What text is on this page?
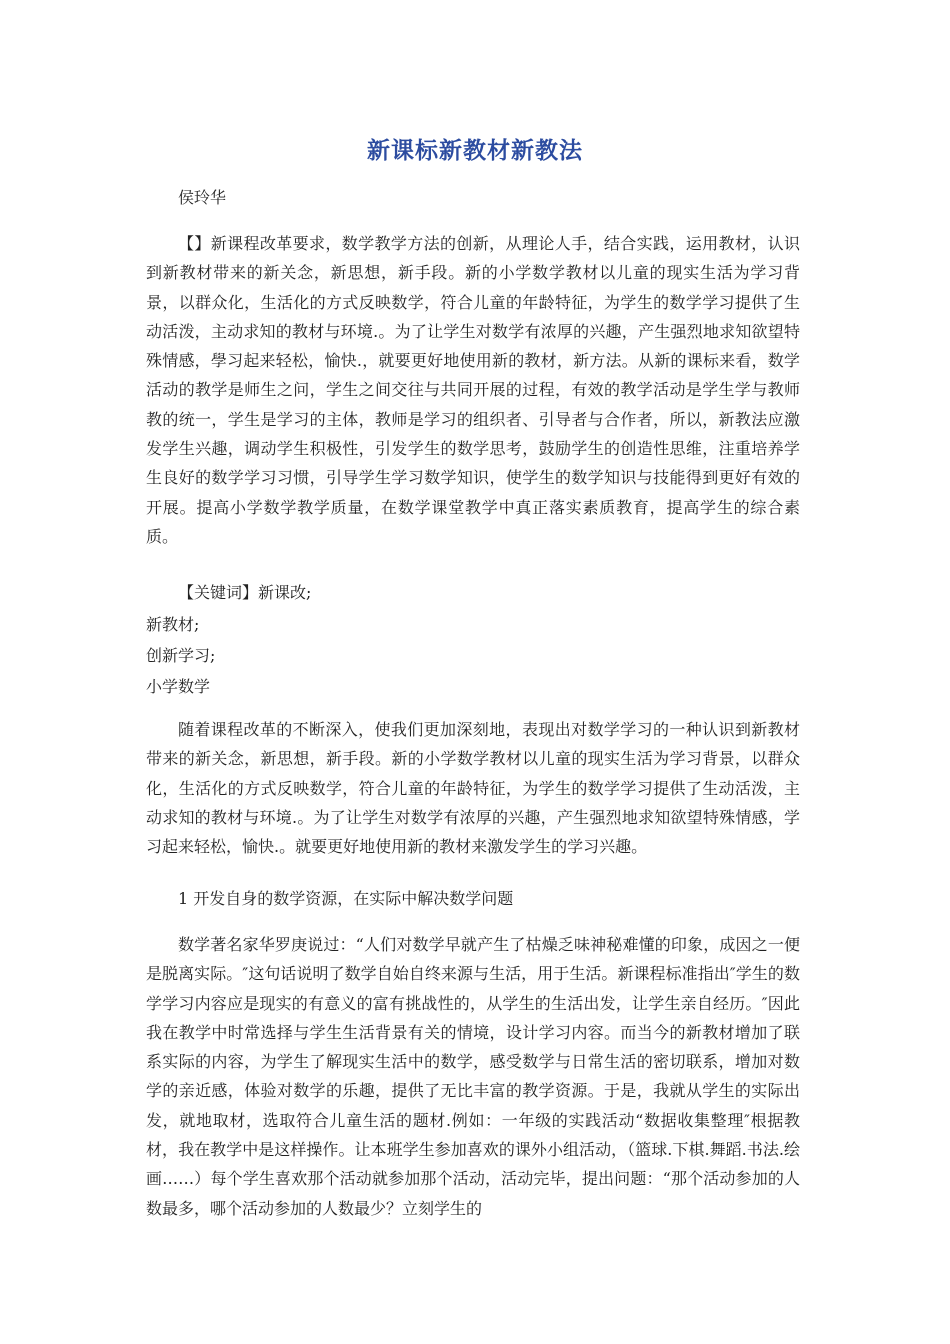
新课标新教材新教法
侯玲华
【】新课程改革要求，数学教学方法的创新，从理论人手，结合实践，运用教材，认识到新教材带来的新关念，新思想，新手段。新的小学数学教材以儿童的现实生活为学习背景，以群众化，生活化的方式反映数学，符合儿童的年龄特征，为学生的数学学习提供了生动活泼，主动求知的教材与环境.。为了让学生对数学有浓厚的兴趣，产生强烈地求知欲望特殊情感，學习起来轻松，愉快.，就要更好地使用新的教材，新方法。从新的课标来看，数学活动的教学是师生之问，学生之间交往与共同开展的过程，有效的教学活动是学生学与教师教的统一，学生是学习的主体，教师是学习的组织者、引导者与合作者，所以，新教法应激发学生兴趣，调动学生积极性，引发学生的数学思考，鼓励学生的创造性思维，注重培养学生良好的数学学习习惯，引导学生学习数学知识，使学生的数学知识与技能得到更好有效的开展。提高小学数学教学质量，在数学课堂教学中真正落实素质教育，提高学生的综合素质。
【关键词】新课改;
新教材;
创新学习;
小学数学
随着课程改革的不断深入，使我们更加深刻地，表现出对数学学习的一种认识到新教材带来的新关念，新思想，新手段。新的小学数学教材以儿童的现实生活为学习背景，以群众化，生活化的方式反映数学，符合儿童的年龄特征，为学生的数学学习提供了生动活泼，主动求知的教材与环境.。为了让学生对数学有浓厚的兴趣，产生强烈地求知欲望特殊情感，学习起来轻松，愉快.。就要更好地使用新的教材来激发学生的学习兴趣。
1 开发自身的数学资源，在实际中解决数学问题
数学著名家华罗庚说过：“人们对数学早就产生了枯燥乏味神秘难懂的印象，成因之一便是脱离实际。″这句话说明了数学自始自终来源与生活，用于生活。新课程标准指出″学生的数学学习内容应是现实的有意义的富有挑战性的，从学生的生活出发，让学生亲自经历。″因此我在教学中时常选择与学生生活背景有关的情境，设计学习内容。而当今的新教材增加了联系实际的内容，为学生了解现实生活中的数学，感受数学与日常生活的密切联系，增加对数学的亲近感，体验对数学的乐趣，提供了无比丰富的教学资源。于是，我就从学生的实际出发，就地取材，选取符合儿童生活的题材.例如：一年级的实践活动“数据收集整理″根据教材，我在教学中是这样操作。让本班学生参加喜欢的课外小组活动，（篮球.下棋.舞蹈.书法.绘画……）每个学生喜欢那个活动就参加那个活动，活动完毕，提出问题：“那个活动参加的人数最多，哪个活动参加的人数最少？立刻学生的
